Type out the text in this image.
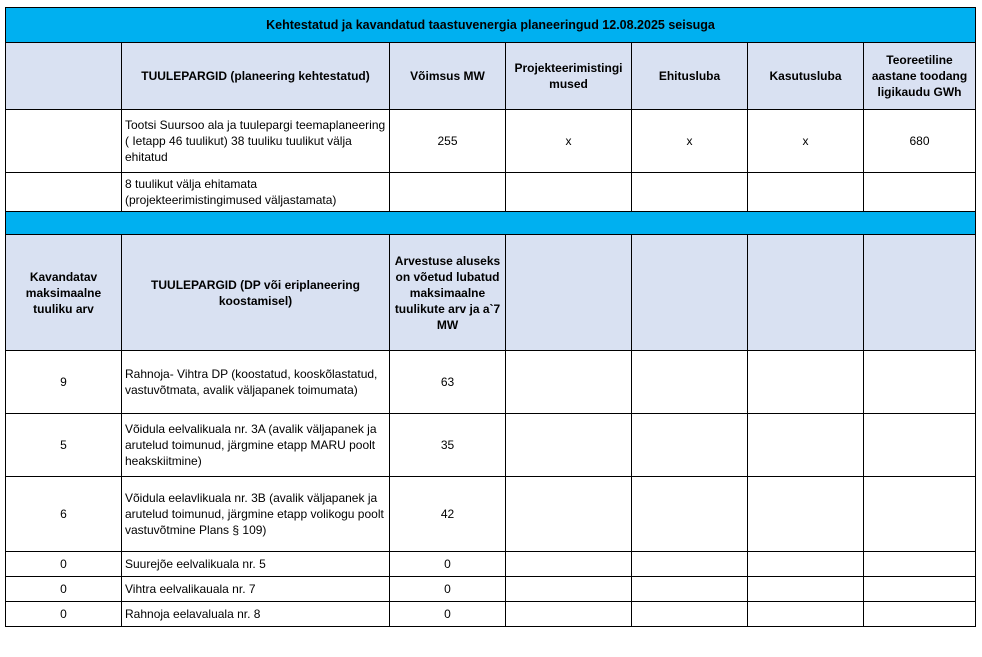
Kehtestatud ja kavandatud taastuvenergia planeeringud 12.08.2025 seisuga						
	TUULEPARGID (planeering kehtestatud)	Võimsus MW	Projekteerimistingi mused	Ehitusluba	Kasutusluba	Teoreetiline aastane toodang ligikaudu GWh
	Tootsi Suursoo ala ja tuulepargi teemaplaneering ( Ietapp 46 tuulikut) 38 tuuliku tuulikut välja ehitatud	255	x	x	x	680
	8 tuulikut välja ehitamata (projekteerimistingimused väljastamata)					

Kavandatav maksimaalne tuuliku arv	TUULEPARGID (DP või eriplaneering koostamisel)	Arvestuse aluseks on võetud lubatud maksimaalne tuulikute arv ja a`7 MW				
9	Rahnoja- Vihtra DP (koostatud, kooskõlastatud, vastuvõtmata, avalik väljapanek toimumata)	63				
5	Võidula eelvalikuala nr. 3A (avalik väljapanek ja arutelud toimunud, järgmine etapp MARU poolt heakskiitmine)	35				
6	Võidula eelavlikuala nr. 3B (avalik väljapanek ja arutelud toimunud, järgmine etapp volikogu poolt vastuvõtmine Plans § 109)	42				
0	Suurejõe eelvalikuala nr. 5	0				
0	Vihtra eelvalikauala nr. 7	0				
0	Rahnoja eelavaluala nr. 8	0				
